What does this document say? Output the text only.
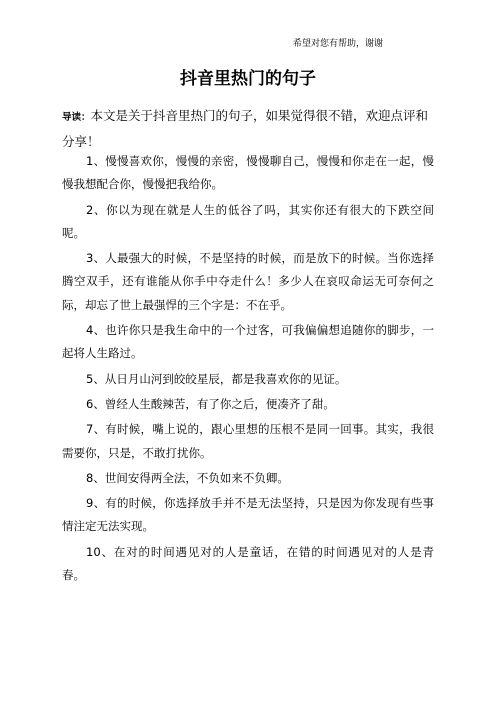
希望对您有帮助，谢谢
抖音里热门的句子

导读：本文是关于抖音里热门的句子，如果觉得很不错，欢迎点评和分享！

1、慢慢喜欢你，慢慢的亲密，慢慢聊自己，慢慢和你走在一起，慢慢我想配合你，慢慢把我给你。
2、你以为现在就是人生的低谷了吗，其实你还有很大的下跌空间呢。
3、人最强大的时候，不是坚持的时候，而是放下的时候。当你选择腾空双手，还有谁能从你手中夺走什么！多少人在哀叹命运无可奈何之际，却忘了世上最强悍的三个字是：不在乎。
4、也许你只是我生命中的一个过客，可我偏偏想追随你的脚步，一起将人生路过。
5、从日月山河到皎皎星辰，都是我喜欢你的见证。
6、曾经人生酸辣苦，有了你之后，便凑齐了甜。
7、有时候，嘴上说的，跟心里想的压根不是同一回事。其实，我很需要你，只是，不敢打扰你。
8、世间安得两全法，不负如来不负卿。
9、有的时候，你选择放手并不是无法坚持，只是因为你发现有些事情注定无法实现。
10、在对的时间遇见对的人是童话，在错的时间遇见对的人是青春。
